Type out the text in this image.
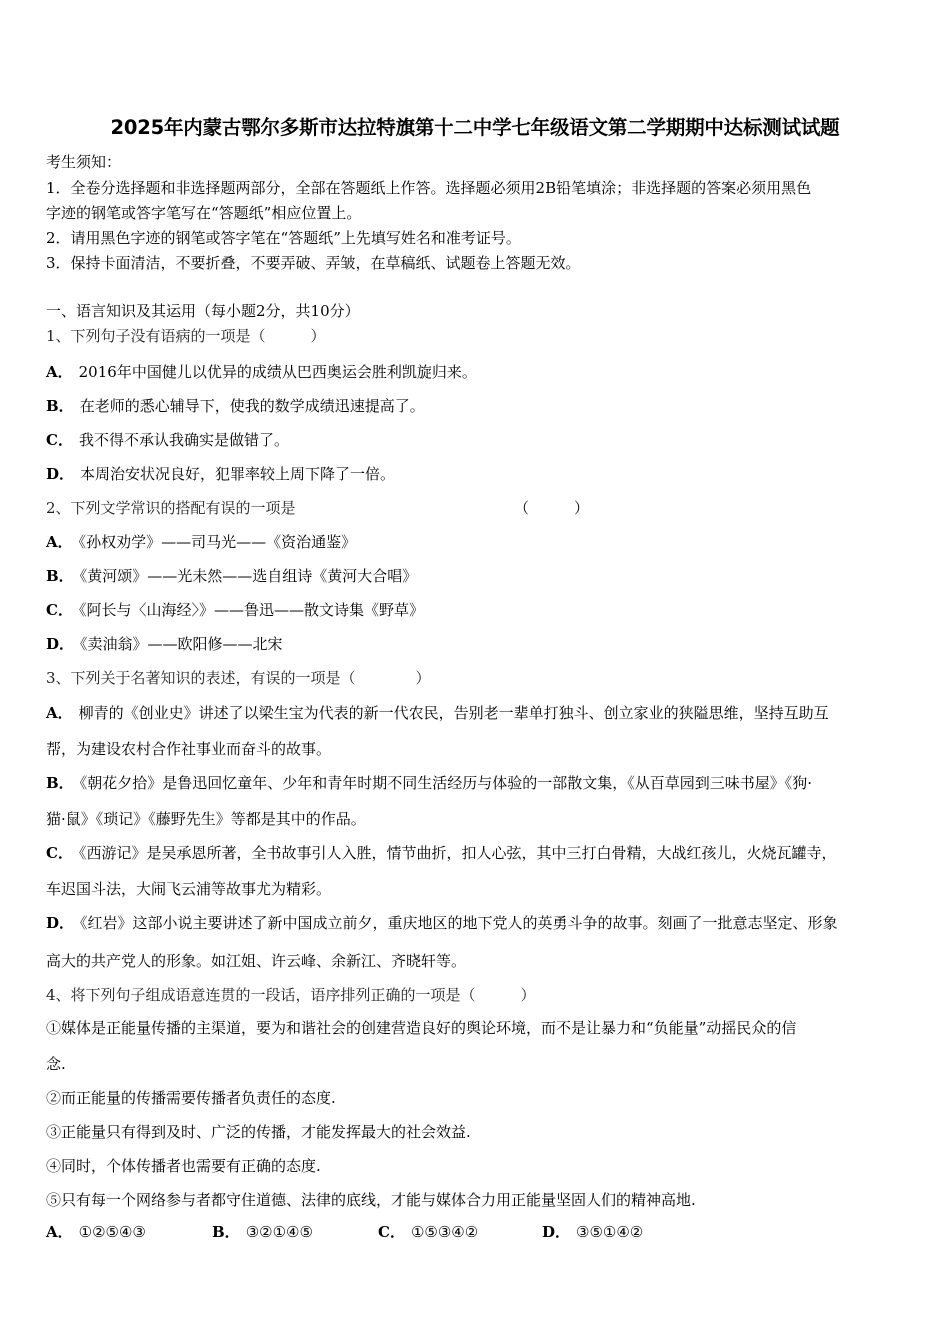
2025年内蒙古鄂尔多斯市达拉特旗第十二中学七年级语文第二学期期中达标测试试题
考生须知：
1．全卷分选择题和非选择题两部分，全部在答题纸上作答。选择题必须用2B铅笔填涂；非选择题的答案必须用黑色
字迹的钢笔或答字笔写在“答题纸”相应位置上。
2．请用黑色字迹的钢笔或答字笔在“答题纸”上先填写姓名和准考证号。
3．保持卡面清洁，不要折叠，不要弄破、弄皱，在草稿纸、试题卷上答题无效。
一、语言知识及其运用（每小题2分，共10分）
1、下列句子没有语病的一项是（　　　）
A． 2016年中国健儿以优异的成绩从巴西奥运会胜利凯旋归来。
B． 在老师的悉心辅导下，使我的数学成绩迅速提高了。
C． 我不得不承认我确实是做错了。
D． 本周治安状况良好，犯罪率较上周下降了一倍。
2、下列文学常识的搭配有误的一项是	（　　　）
A． 《孙权劝学》——司马光——《资治通鉴》
B． 《黄河颂》——光未然——选自组诗《黄河大合唱》
C． 《阿长与〈山海经〉》——鲁迅——散文诗集《野草》
D． 《卖油翁》——欧阳修——北宋
3、下列关于名著知识的表述，有误的一项是（　　　　）
A． 柳青的《创业史》讲述了以梁生宝为代表的新一代农民，告别老一辈单打独斗、创立家业的狭隘思维，坚持互助互
帮，为建设农村合作社事业而奋斗的故事。
B． 《朝花夕拾》是鲁迅回忆童年、少年和青年时期不同生活经历与体验的一部散文集，《从百草园到三味书屋》《狗·
猫·鼠》《琐记》《藤野先生》等都是其中的作品。
C． 《西游记》是吴承恩所著，全书故事引人入胜，情节曲折，扣人心弦，其中三打白骨精，大战红孩儿，火烧瓦罐寺，
车迟国斗法，大闹飞云浦等故事尤为精彩。
D． 《红岩》这部小说主要讲述了新中国成立前夕，重庆地区的地下党人的英勇斗争的故事。刻画了一批意志坚定、形象
高大的共产党人的形象。如江姐、许云峰、余新江、齐晓轩等。
4、将下列句子组成语意连贯的一段话，语序排列正确的一项是（　　　）
①媒体是正能量传播的主渠道，要为和谐社会的创建营造良好的舆论环境，而不是让暴力和“负能量”动摇民众的信
念.
②而正能量的传播需要传播者负责任的态度.
③正能量只有得到及时、广泛的传播，才能发挥最大的社会效益.
④同时，个体传播者也需要有正确的态度.
⑤只有每一个网络参与者都守住道德、法律的底线，才能与媒体合力用正能量坚固人们的精神高地.
A． ①②⑤④③	B． ③②①④⑤	C． ①⑤③④②	D． ③⑤①④②
